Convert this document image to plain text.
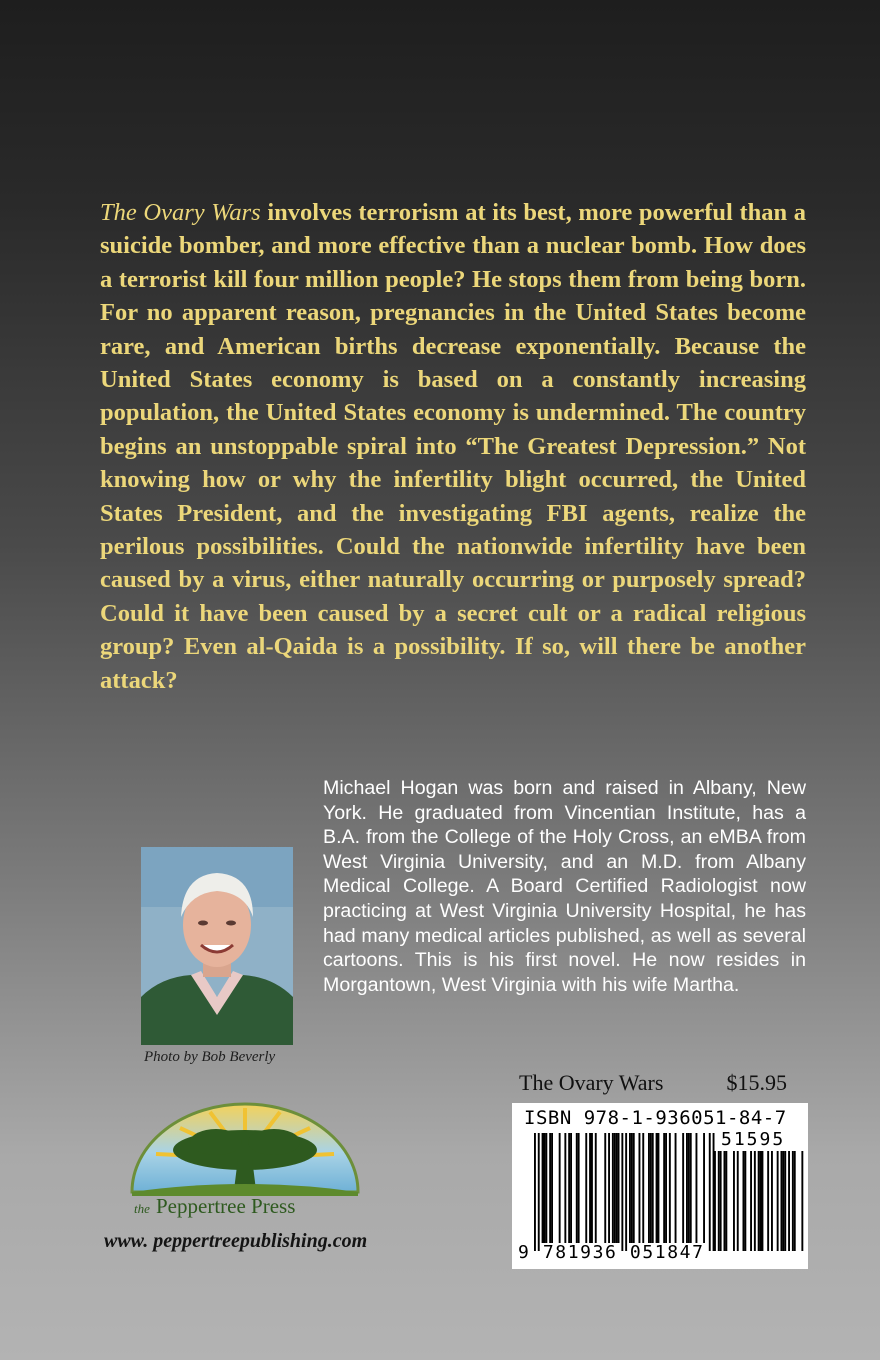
The Ovary Wars involves terrorism at its best, more powerful than a suicide bomber, and more effective than a nuclear bomb. How does a terrorist kill four million people? He stops them from being born. For no apparent reason, pregnancies in the United States become rare, and American births decrease exponentially. Because the United States economy is based on a constantly increasing population, the United States economy is undermined. The country begins an unstoppable spiral into “The Greatest Depression.” Not knowing how or why the infertility blight occurred, the United States President, and the investigating FBI agents, realize the perilous possibilities. Could the nationwide infertility have been caused by a virus, either naturally occurring or purposely spread? Could it have been caused by a secret cult or a radical religious group? Even al-Qaida is a possibility. If so, will there be another attack?

Michael Hogan was born and raised in Albany, New York. He graduated from Vincentian Institute, has a B.A. from the College of the Holy Cross, an eMBA from West Virginia University, and an M.D. from Albany Medical College. A Board Certified Radiologist now practicing at West Virginia University Hospital, he has had many medical articles published, as well as several cartoons. This is his first novel. He now resides in Morgantown, West Virginia with his wife Martha.

Photo by Bob Beverly
The Ovary Wars	$15.95
ISBN 978-1-936051-84-7
51595
9 781936 051847
the Peppertree Press
www. peppertreepublishing.com
